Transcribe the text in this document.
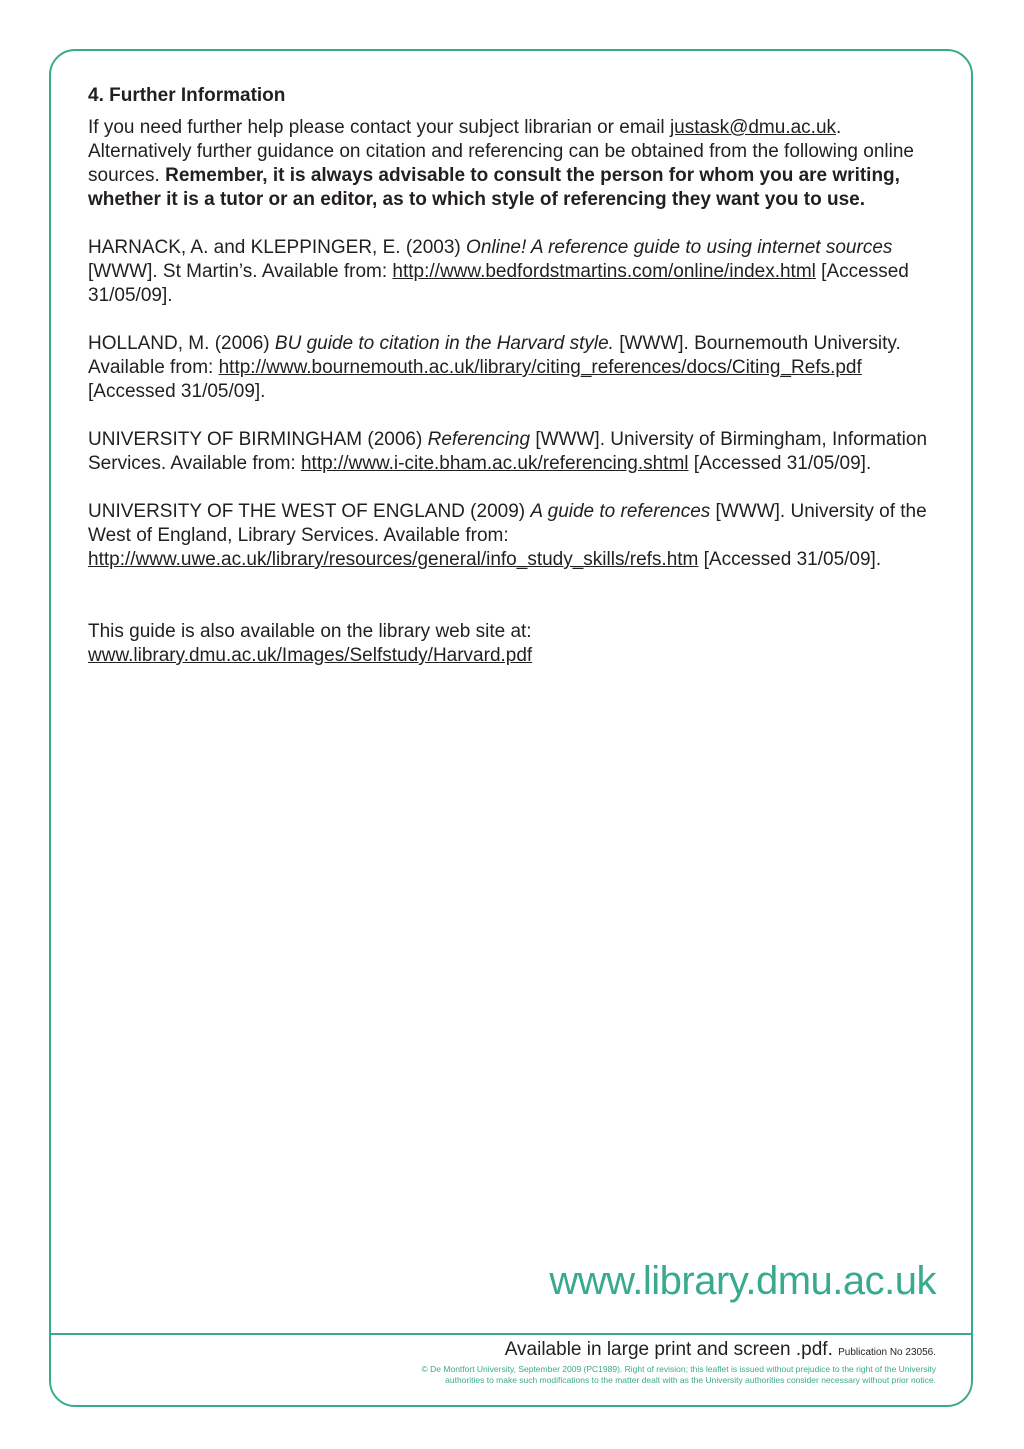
4. Further Information

If you need further help please contact your subject librarian or email justask@dmu.ac.uk. Alternatively further guidance on citation and referencing can be obtained from the following online sources. Remember, it is always advisable to consult the person for whom you are writing, whether it is a tutor or an editor, as to which style of referencing they want you to use.

HARNACK, A. and KLEPPINGER, E. (2003) Online! A reference guide to using internet sources [WWW]. St Martin’s. Available from: http://www.bedfordstmartins.com/online/index.html [Accessed 31/05/09].

HOLLAND, M. (2006) BU guide to citation in the Harvard style. [WWW]. Bournemouth University. Available from: http://www.bournemouth.ac.uk/library/citing_references/docs/Citing_Refs.pdf [Accessed 31/05/09].

UNIVERSITY OF BIRMINGHAM (2006) Referencing [WWW]. University of Birmingham, Information Services. Available from: http://www.i-cite.bham.ac.uk/referencing.shtml [Accessed 31/05/09].

UNIVERSITY OF THE WEST OF ENGLAND (2009) A guide to references [WWW]. University of the West of England, Library Services. Available from: http://www.uwe.ac.uk/library/resources/general/info_study_skills/refs.htm [Accessed 31/05/09].

This guide is also available on the library web site at:
www.library.dmu.ac.uk/Images/Selfstudy/Harvard.pdf

www.library.dmu.ac.uk
Available in large print and screen .pdf. Publication No 23056.
© De Montfort University, September 2009 (PC1989). Right of revision; this leaflet is issued without prejudice to the right of the University
authorities to make such modifications to the matter dealt with as the University authorities consider necessary without prior notice.
